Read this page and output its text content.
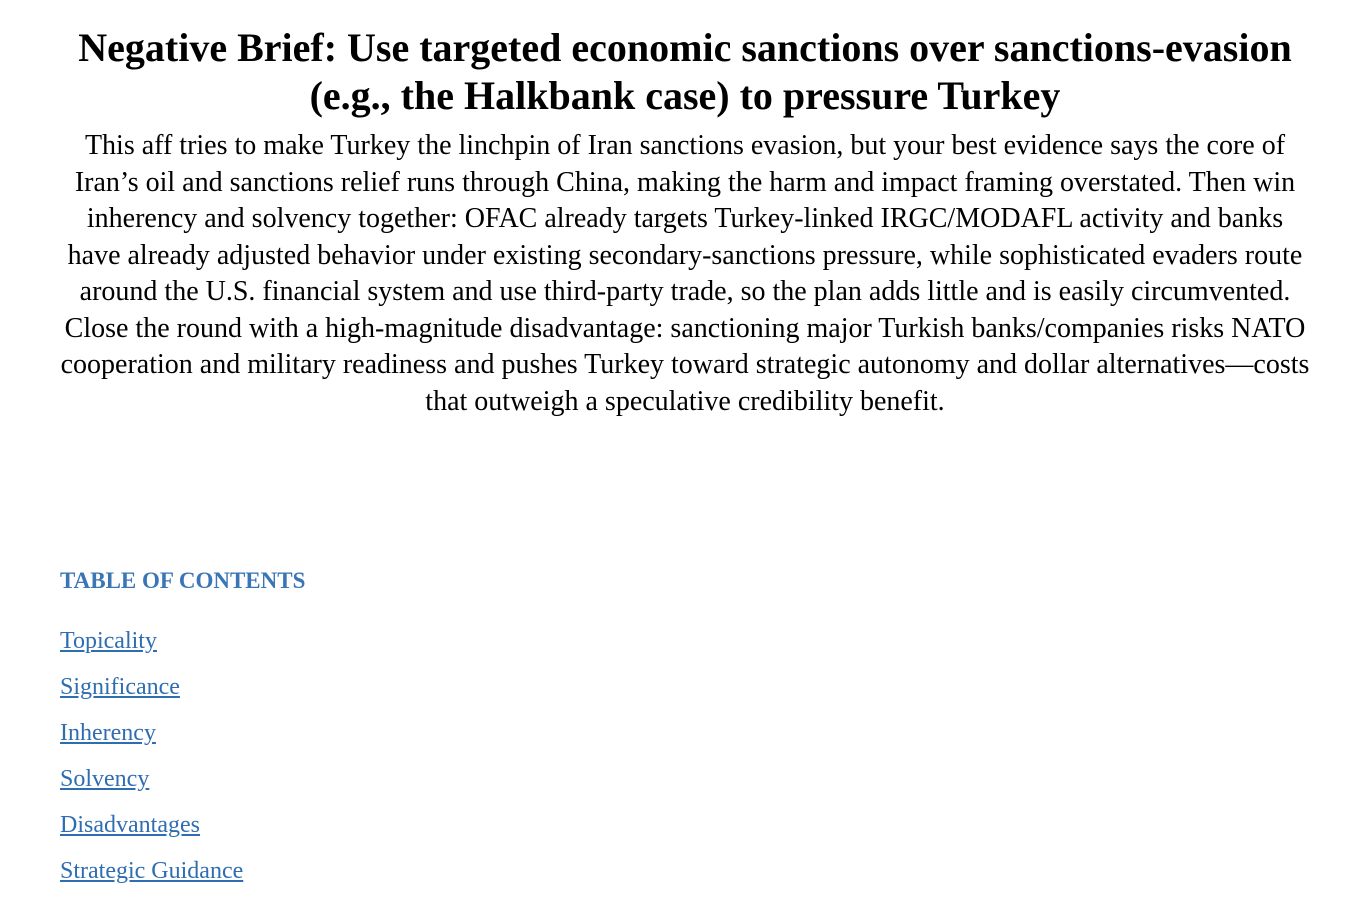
Negative Brief: Use targeted economic sanctions over sanctions-evasion (e.g., the Halkbank case) to pressure Turkey

This aff tries to make Turkey the linchpin of Iran sanctions evasion, but your best evidence says the core of Iran’s oil and sanctions relief runs through China, making the harm and impact framing overstated. Then win inherency and solvency together: OFAC already targets Turkey-linked IRGC/MODAFL activity and banks have already adjusted behavior under existing secondary-sanctions pressure, while sophisticated evaders route around the U.S. financial system and use third-party trade, so the plan adds little and is easily circumvented. Close the round with a high-magnitude disadvantage: sanctioning major Turkish banks/companies risks NATO cooperation and military readiness and pushes Turkey toward strategic autonomy and dollar alternatives—costs that outweigh a speculative credibility benefit.

TABLE OF CONTENTS
Topicality
Significance
Inherency
Solvency
Disadvantages
Strategic Guidance
